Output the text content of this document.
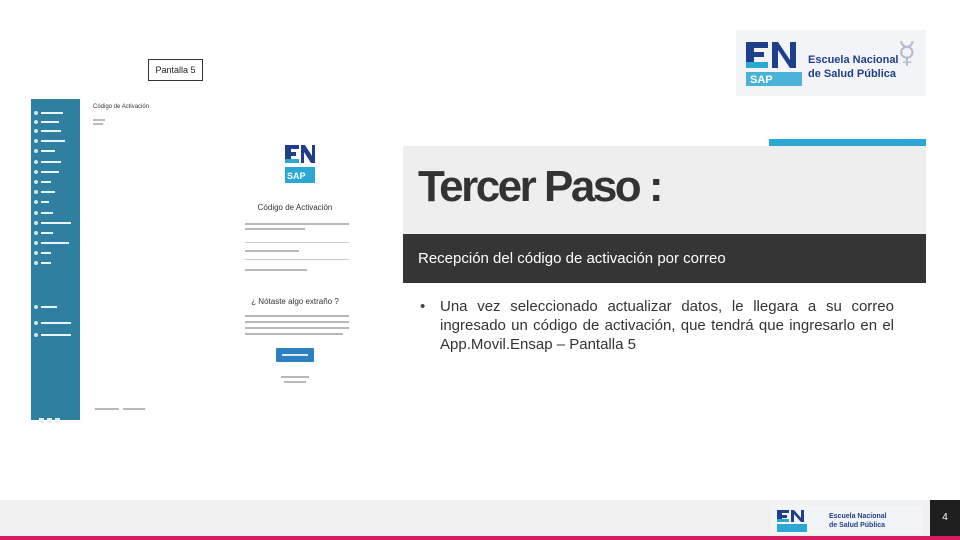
Pantalla 5
SAP
Escuela Nacional
de Salud Pública
☿
Código de Activación
SAP
Código de Activación
¿ Nótaste algo extraño ?
Tercer Paso :
Recepción del código de activación por correo
• Una vez seleccionado actualizar datos, le llegara a su correo ingresado un código de activación, que tendrá que ingresarlo en el App.Movil.Ensap – Pantalla 5
Escuela Nacional
de Salud Pública
4
